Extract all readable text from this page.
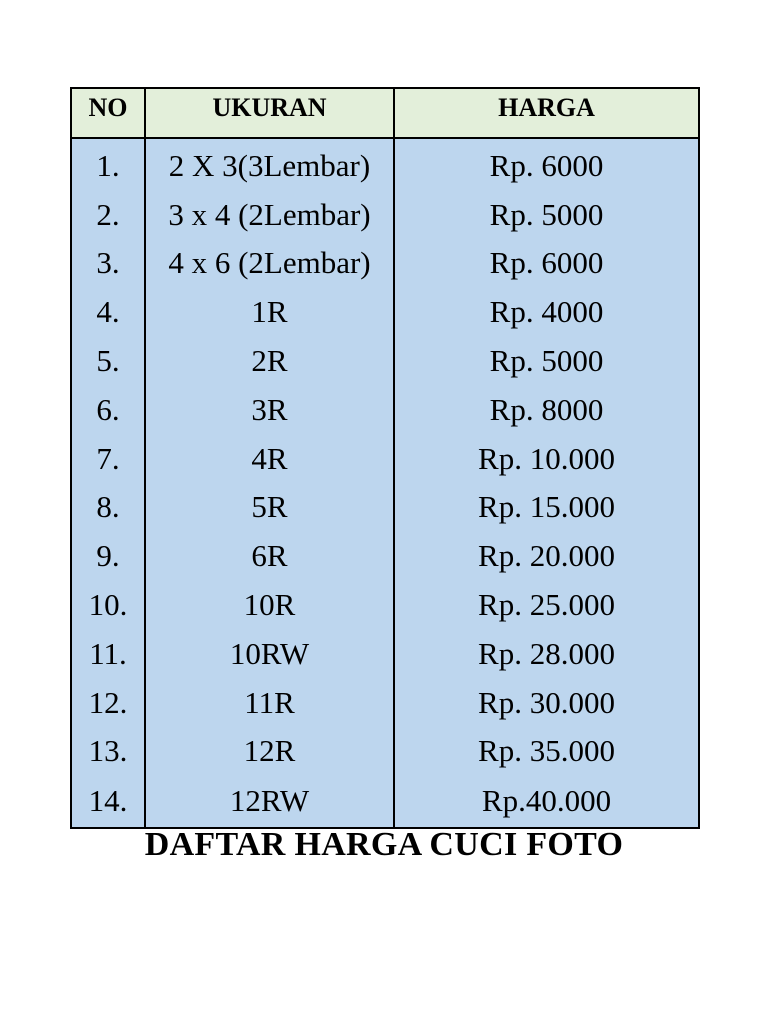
NO	UKURAN	HARGA
1.	2 X 3(3Lembar)	Rp. 6000
2.	3 x 4 (2Lembar)	Rp. 5000
3.	4 x 6 (2Lembar)	Rp. 6000
4.	1R	Rp. 4000
5.	2R	Rp. 5000
6.	3R	Rp. 8000
7.	4R	Rp. 10.000
8.	5R	Rp. 15.000
9.	6R	Rp. 20.000
10.	10R	Rp. 25.000
11.	10RW	Rp. 28.000
12.	11R	Rp. 30.000
13.	12R	Rp. 35.000
14.	12RW	Rp.40.000
DAFTAR HARGA CUCI FOTO
